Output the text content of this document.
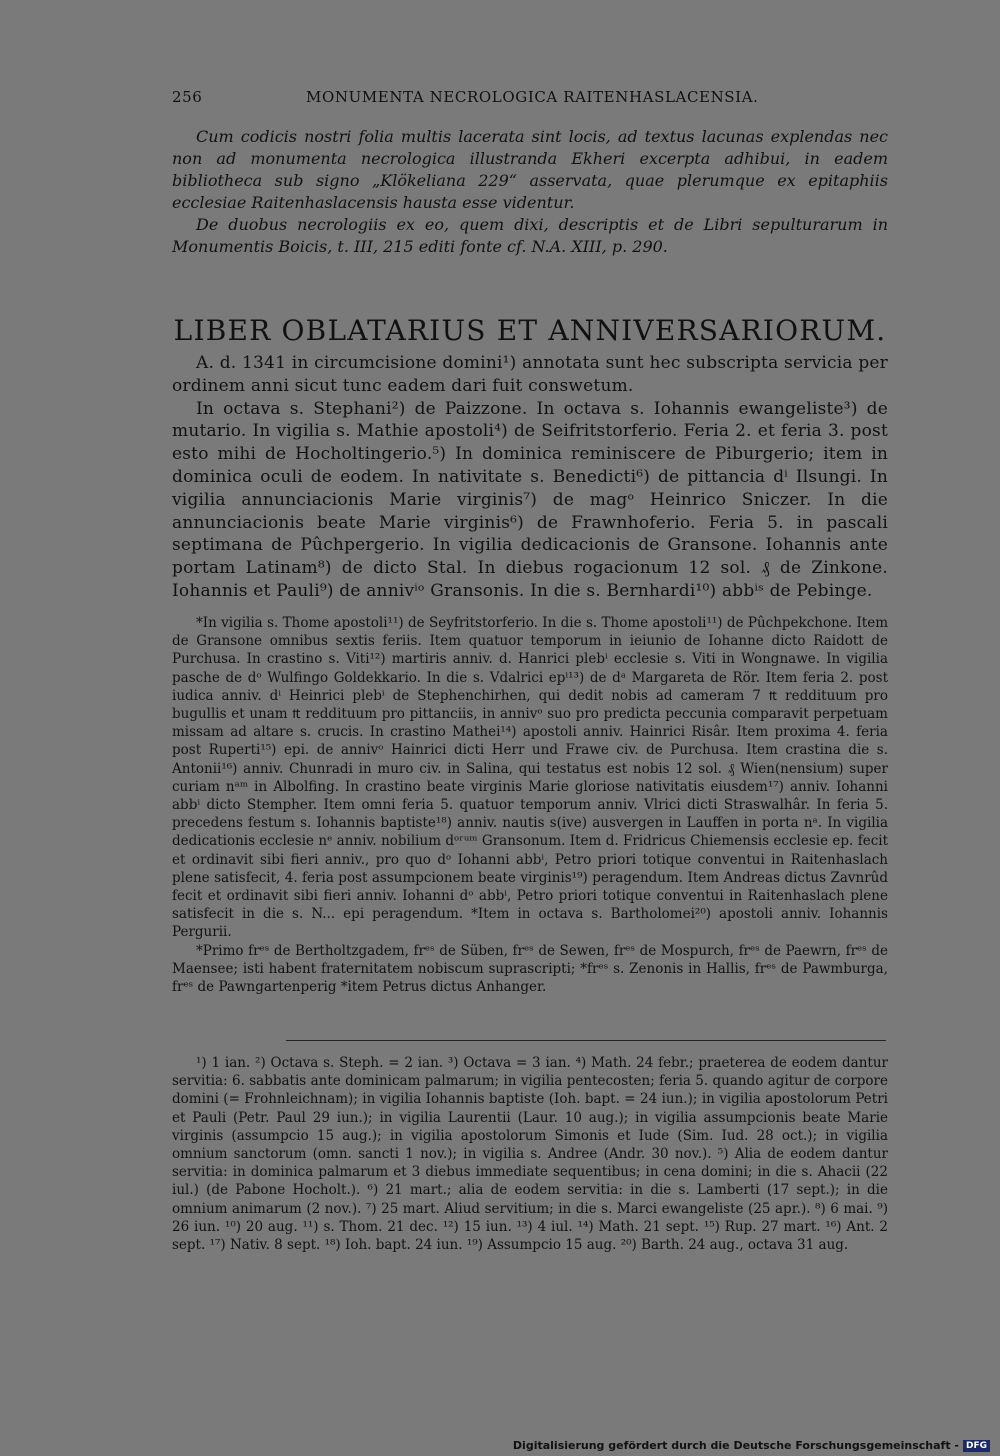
256	MONUMENTA NECROLOGICA RAITENHASLACENSIA.

Cum codicis nostri folia multis lacerata sint locis, ad textus lacunas explendas nec non ad monumenta necrologica illustranda Ekheri excerpta adhibui, in eadem bibliotheca sub signo „Klökeliana 229“ asservata, quae plerumque ex epitaphiis ecclesiae Raitenhaslacensis hausta esse videntur.

De duobus necrologiis ex eo, quem dixi, descriptis et de Libri sepulturarum in Monumentis Boicis, t. III, 215 editi fonte cf. N.A. XIII, p. 290.

LIBER OBLATARIUS ET ANNIVERSARIORUM.

A. d. 1341 in circumcisione domini¹) annotata sunt hec subscripta servicia per ordinem anni sicut tunc eadem dari fuit conswetum.

In octava s. Stephani²) de Paizzone. In octava s. Iohannis ewangeliste³) de mutario. In vigilia s. Mathie apostoli⁴) de Seifritstorferio. Feria 2. et feria 3. post esto mihi de Hocholtingerio.⁵) In dominica reminiscere de Piburgerio; item in dominica oculi de eodem. In nativitate s. Benedicti⁶) de pittancia dⁱ Ilsungi. In vigilia annunciacionis Marie virginis⁷) de magᵒ Heinrico Sniczer. In die annunciacionis beate Marie virginis⁶) de Frawnhoferio. Feria 5. in pascali septimana de Pûchpergerio. In vigilia dedicacionis de Gransone. Iohannis ante portam Latinam⁸) de dicto Stal. In diebus rogacionum 12 sol. ₰ de Zinkone. Iohannis et Pauli⁹) de annivⁱᵒ Gransonis. In die s. Bernhardi¹⁰) abbⁱˢ de Pebinge.

*In vigilia s. Thome apostoli¹¹) de Seyfritstorferio. In die s. Thome apostoli¹¹) de Pûchpekchone. Item de Gransone omnibus sextis feriis. Item quatuor temporum in ieiunio de Iohanne dicto Raidott de Purchusa. In crastino s. Viti¹²) martiris anniv. d. Hanrici plebⁱ ecclesie s. Viti in Wongnawe. In vigilia pasche de dᵒ Wulfingo Goldekkario. In die s. Vdalrici epⁱ¹³) de dᵃ Margareta de Rör. Item feria 2. post iudica anniv. dⁱ Heinrici plebⁱ de Stephenchirhen, qui dedit nobis ad cameram 7 ₶ reddituum pro bugullis et unam ₶ reddituum pro pittanciis, in annivᵒ suo pro predicta peccunia comparavit perpetuam missam ad altare s. crucis. In crastino Mathei¹⁴) apostoli anniv. Hainrici Risâr. Item proxima 4. feria post Ruperti¹⁵) epi. de annivᵒ Hainrici dicti Herr und Frawe civ. de Purchusa. Item crastina die s. Antonii¹⁶) anniv. Chunradi in muro civ. in Salina, qui testatus est nobis 12 sol. ₰ Wien(nensium) super curiam nᵃᵐ in Albolfing. In crastino beate virginis Marie gloriose nativitatis eiusdem¹⁷) anniv. Iohanni abbⁱ dicto Stempher. Item omni feria 5. quatuor temporum anniv. Vlrici dicti Straswalhâr. In feria 5. precedens festum s. Iohannis baptiste¹⁸) anniv. nautis s(ive) ausvergen in Lauffen in porta nᵃ. In vigilia dedicationis ecclesie nᵉ anniv. nobilium dᵒʳᵘᵐ Gransonum. Item d. Fridricus Chiemensis ecclesie ep. fecit et ordinavit sibi fieri anniv., pro quo dᵒ Iohanni abbⁱ, Petro priori totique conventui in Raitenhaslach plene satisfecit, 4. feria post assumpcionem beate virginis¹⁹) peragendum. Item Andreas dictus Zavnrûd fecit et ordinavit sibi fieri anniv. Iohanni dᵒ abbⁱ, Petro priori totique conventui in Raitenhaslach plene satisfecit in die s. N... epi peragendum. *Item in octava s. Bartholomei²⁰) apostoli anniv. Iohannis Pergurii.

*Primo frᵉˢ de Bertholtzgadem, frᵉˢ de Süben, frᵉˢ de Sewen, frᵉˢ de Mospurch, frᵉˢ de Paewrn, frᵉˢ de Maensee; isti habent fraternitatem nobiscum suprascripti; *frᵉˢ s. Zenonis in Hallis, frᵉˢ de Pawmburga, frᵉˢ de Pawngartenperig *item Petrus dictus Anhanger.

¹) 1 ian. ²) Octava s. Steph. = 2 ian. ³) Octava = 3 ian. ⁴) Math. 24 febr.; praeterea de eodem dantur servitia: 6. sabbatis ante dominicam palmarum; in vigilia pentecosten; feria 5. quando agitur de corpore domini (= Frohnleichnam); in vigilia Iohannis baptiste (Ioh. bapt. = 24 iun.); in vigilia apostolorum Petri et Pauli (Petr. Paul 29 iun.); in vigilia Laurentii (Laur. 10 aug.); in vigilia assumpcionis beate Marie virginis (assumpcio 15 aug.); in vigilia apostolorum Simonis et Iude (Sim. Iud. 28 oct.); in vigilia omnium sanctorum (omn. sancti 1 nov.); in vigilia s. Andree (Andr. 30 nov.). ⁵) Alia de eodem dantur servitia: in dominica palmarum et 3 diebus immediate sequentibus; in cena domini; in die s. Ahacii (22 iul.) (de Pabone Hocholt.). ⁶) 21 mart.; alia de eodem servitia: in die s. Lamberti (17 sept.); in die omnium animarum (2 nov.). ⁷) 25 mart. Aliud servitium; in die s. Marci ewangeliste (25 apr.). ⁸) 6 mai. ⁹) 26 iun. ¹⁰) 20 aug. ¹¹) s. Thom. 21 dec. ¹²) 15 iun. ¹³) 4 iul. ¹⁴) Math. 21 sept. ¹⁵) Rup. 27 mart. ¹⁶) Ant. 2 sept. ¹⁷) Nativ. 8 sept. ¹⁸) Ioh. bapt. 24 iun. ¹⁹) Assumpcio 15 aug. ²⁰) Barth. 24 aug., octava 31 aug.

Digitalisierung gefördert durch die Deutsche Forschungsgemeinschaft - DFG
